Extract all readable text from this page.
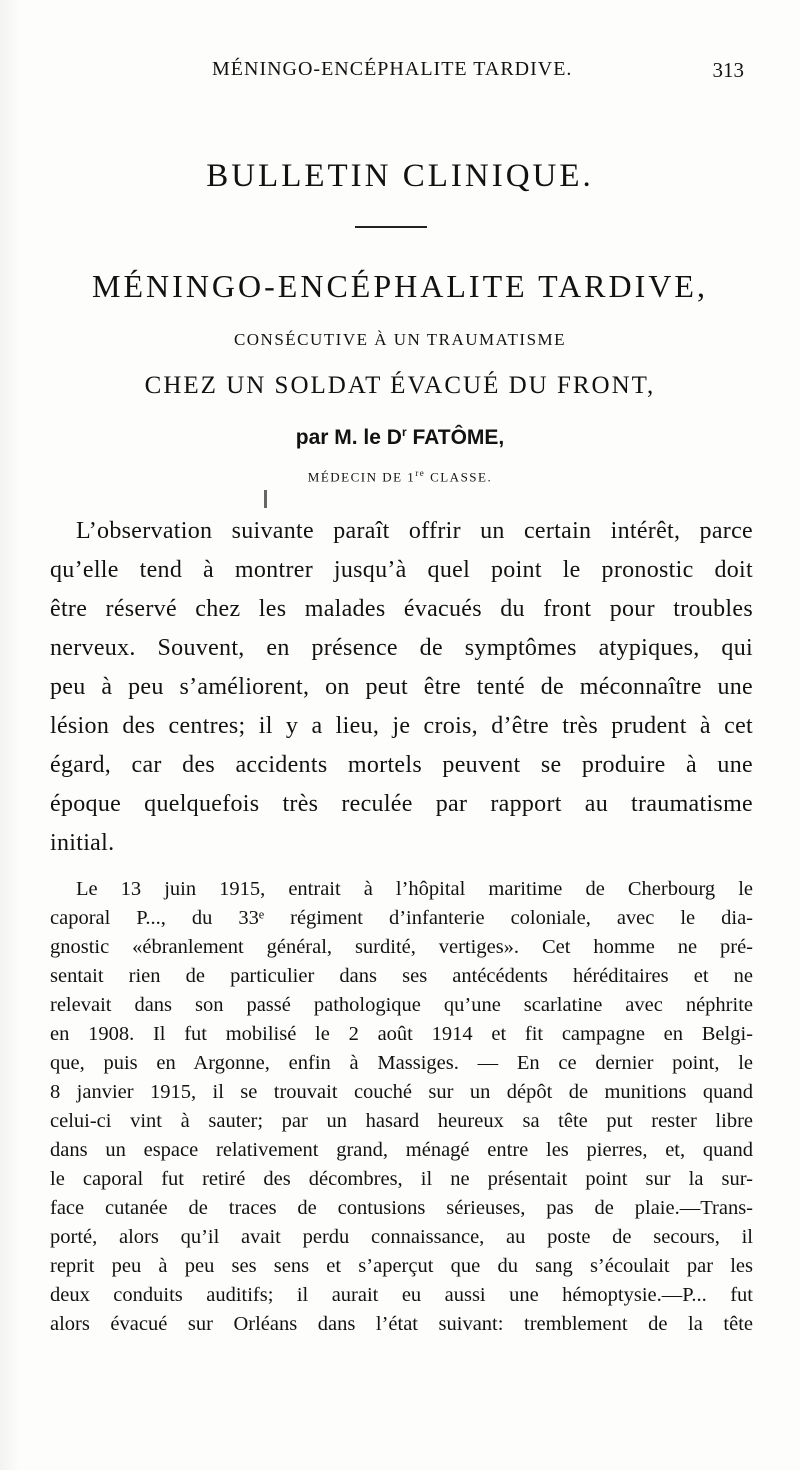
MÉNINGO-ENCÉPHALITE TARDIVE.	313
BULLETIN CLINIQUE.
MÉNINGO-ENCÉPHALITE TARDIVE,
CONSÉCUTIVE À UN TRAUMATISME
CHEZ UN SOLDAT ÉVACUÉ DU FRONT,
par M. le $D^r$ FATÔME,
MÉDECIN DE 1re CLASSE.
L’observation suivante paraît offrir un certain intérêt, parce
qu’elle tend à montrer jusqu’à quel point le pronostic doit
être réservé chez les malades évacués du front pour troubles
nerveux. Souvent, en présence de symptômes atypiques, qui
peu à peu s’améliorent, on peut être tenté de méconnaître une
lésion des centres; il y a lieu, je crois, d’être très prudent à cet
égard, car des accidents mortels peuvent se produire à une
époque quelquefois très reculée par rapport au traumatisme
initial.
Le 13 juin 1915, entrait à l’hôpital maritime de Cherbourg le
caporal P..., du 33ᵉ régiment d’infanterie coloniale, avec le dia-
gnostic «ébranlement général, surdité, vertiges». Cet homme ne pré-
sentait rien de particulier dans ses antécédents héréditaires et ne
relevait dans son passé pathologique qu’une scarlatine avec néphrite
en 1908. Il fut mobilisé le 2 août 1914 et fit campagne en Belgi-
que, puis en Argonne, enfin à Massiges. — En ce dernier point, le
8 janvier 1915, il se trouvait couché sur un dépôt de munitions quand
celui-ci vint à sauter; par un hasard heureux sa tête put rester libre
dans un espace relativement grand, ménagé entre les pierres, et, quand
le caporal fut retiré des décombres, il ne présentait point sur la sur-
face cutanée de traces de contusions sérieuses, pas de plaie.—Trans-
porté, alors qu’il avait perdu connaissance, au poste de secours, il
reprit peu à peu ses sens et s’aperçut que du sang s’écoulait par les
deux conduits auditifs; il aurait eu aussi une hémoptysie.—P... fut
alors évacué sur Orléans dans l’état suivant: tremblement de la tête
